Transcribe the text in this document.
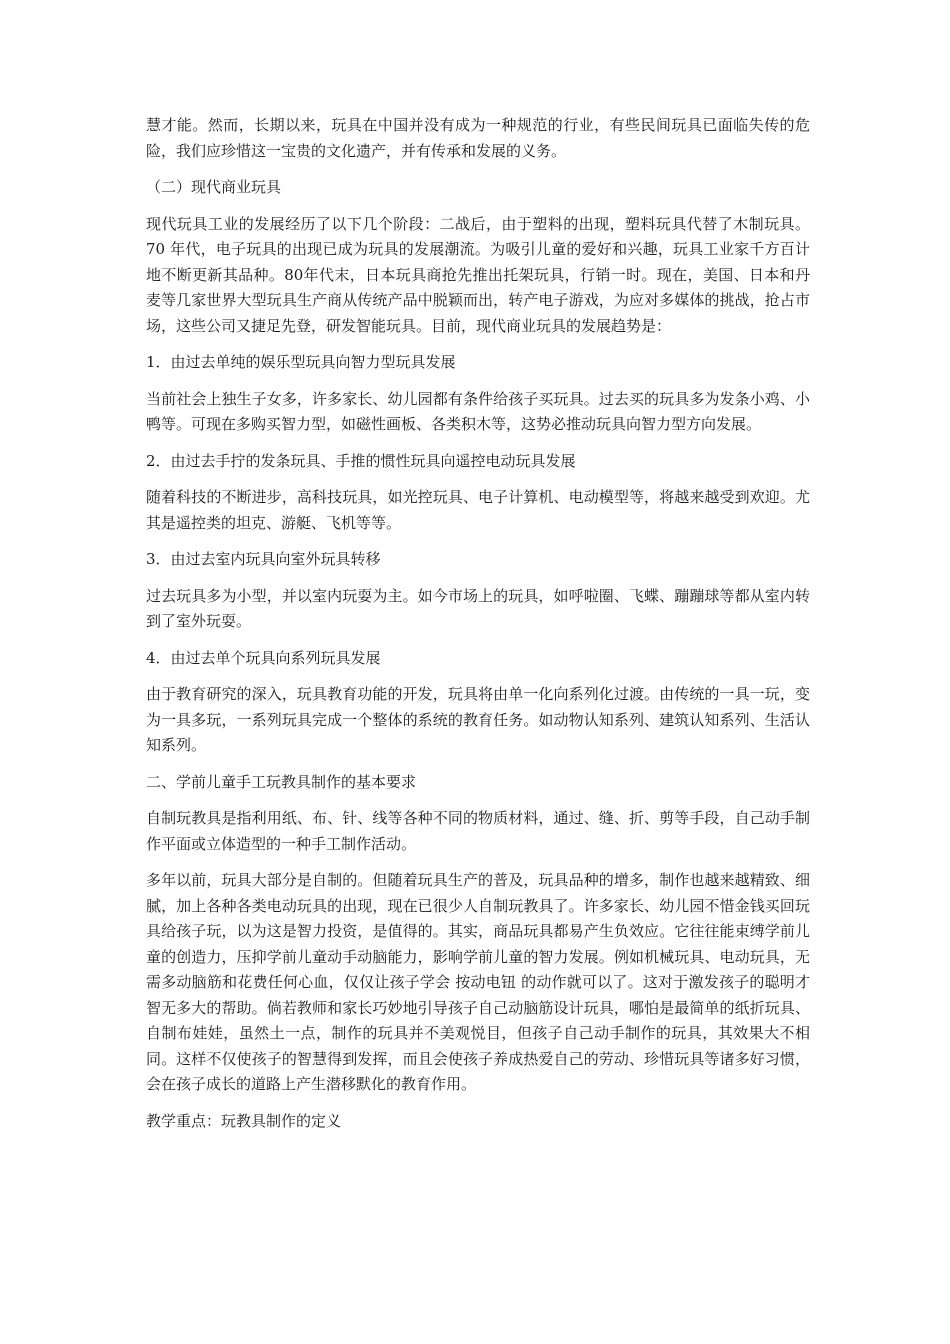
慧才能。然而，长期以来，玩具在中国并没有成为一种规范的行业，有些民间玩具已面临失传的危险，我们应珍惜这一宝贵的文化遗产，并有传承和发展的义务。

（二）现代商业玩具

现代玩具工业的发展经历了以下几个阶段：二战后，由于塑料的出现，塑料玩具代替了木制玩具。70 年代，电子玩具的出现已成为玩具的发展潮流。为吸引儿童的爱好和兴趣，玩具工业家千方百计地不断更新其品种。80年代末，日本玩具商抢先推出托架玩具，行销一时。现在，美国、日本和丹麦等几家世界大型玩具生产商从传统产品中脱颖而出，转产电子游戏，为应对多媒体的挑战，抢占市场，这些公司又捷足先登，研发智能玩具。目前，现代商业玩具的发展趋势是：

1．由过去单纯的娱乐型玩具向智力型玩具发展

当前社会上独生子女多，许多家长、幼儿园都有条件给孩子买玩具。过去买的玩具多为发条小鸡、小鸭等。可现在多购买智力型，如磁性画板、各类积木等，这势必推动玩具向智力型方向发展。

2．由过去手拧的发条玩具、手推的惯性玩具向遥控电动玩具发展

随着科技的不断进步，高科技玩具，如光控玩具、电子计算机、电动模型等，将越来越受到欢迎。尤其是遥控类的坦克、游艇、飞机等等。

3．由过去室内玩具向室外玩具转移

过去玩具多为小型，并以室内玩耍为主。如今市场上的玩具，如呼啦圈、飞蝶、蹦蹦球等都从室内转到了室外玩耍。

4．由过去单个玩具向系列玩具发展

由于教育研究的深入，玩具教育功能的开发，玩具将由单一化向系列化过渡。由传统的一具一玩，变为一具多玩，一系列玩具完成一个整体的系统的教育任务。如动物认知系列、建筑认知系列、生活认知系列。

二、学前儿童手工玩教具制作的基本要求

自制玩教具是指利用纸、布、针、线等各种不同的物质材料，通过、缝、折、剪等手段，自己动手制作平面或立体造型的一种手工制作活动。

多年以前，玩具大部分是自制的。但随着玩具生产的普及，玩具品种的增多，制作也越来越精致、细腻，加上各种各类电动玩具的出现，现在已很少人自制玩教具了。许多家长、幼儿园不惜金钱买回玩具给孩子玩，以为这是智力投资，是值得的。其实，商品玩具都易产生负效应。它往往能束缚学前儿童的创造力，压抑学前儿童动手动脑能力，影响学前儿童的智力发展。例如机械玩具、电动玩具，无需多动脑筋和花费任何心血，仅仅让孩子学会 按动电钮 的动作就可以了。这对于激发孩子的聪明才智无多大的帮助。倘若教师和家长巧妙地引导孩子自己动脑筋设计玩具，哪怕是最简单的纸折玩具、自制布娃娃，虽然土一点，制作的玩具并不美观悦目，但孩子自己动手制作的玩具，其效果大不相同。这样不仅使孩子的智慧得到发挥，而且会使孩子养成热爱自己的劳动、珍惜玩具等诸多好习惯，会在孩子成长的道路上产生潜移默化的教育作用。

教学重点：玩教具制作的定义
